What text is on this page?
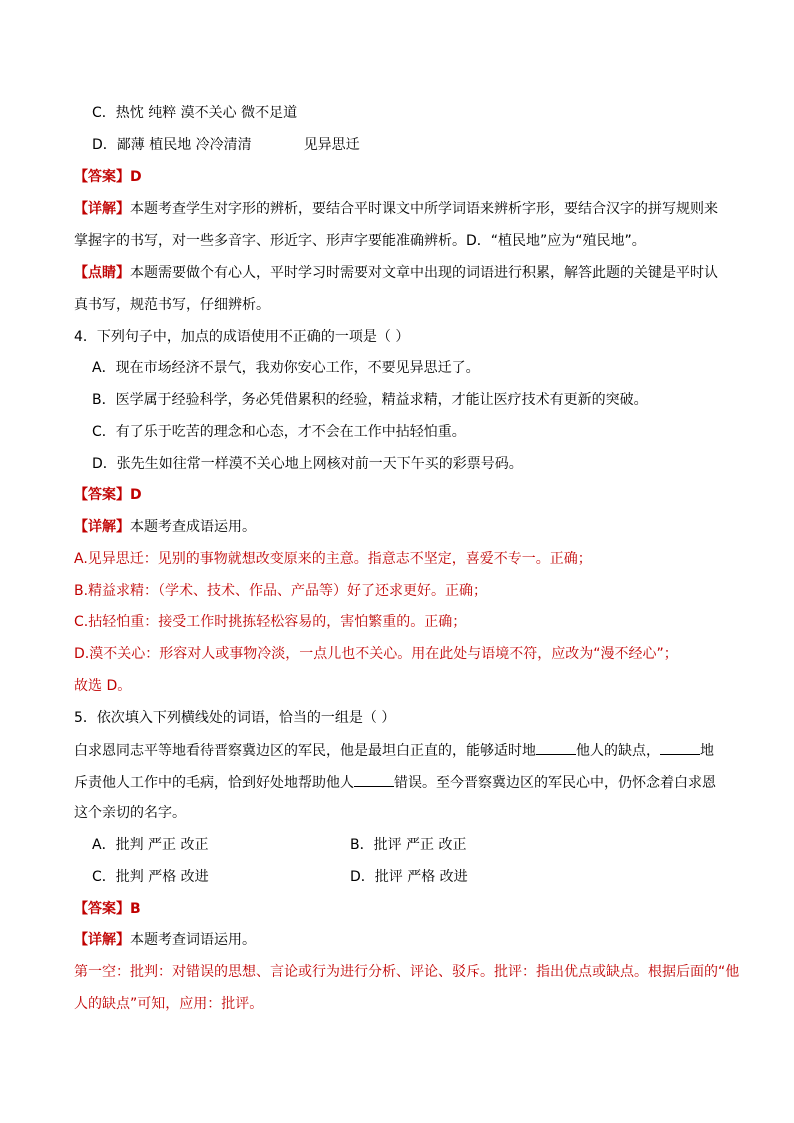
C．热忱 纯粹 漠不关心 微不足道
D．鄙薄 植民地 冷冷清清	见异思迁
【答案】D
【详解】本题考查学生对字形的辨析，要结合平时课文中所学词语来辨析字形，要结合汉字的拼写规则来
掌握字的书写，对一些多音字、形近字、形声字要能准确辨析。D．“植民地”应为“殖民地”。
【点睛】本题需要做个有心人，平时学习时需要对文章中出现的词语进行积累，解答此题的关键是平时认
真书写，规范书写，仔细辨析。
4．下列句子中，加点的成语使用不正确的一项是（ ）
A．现在市场经济不景气，我劝你安心工作，不要见异思迁了。
B．医学属于经验科学，务必凭借累积的经验，精益求精，才能让医疗技术有更新的突破。
C．有了乐于吃苦的理念和心态，才不会在工作中拈轻怕重。
D．张先生如往常一样漠不关心地上网核对前一天下午买的彩票号码。
【答案】D
【详解】本题考查成语运用。
A.见异思迁：见别的事物就想改变原来的主意。指意志不坚定，喜爱不专一。正确；
B.精益求精：（学术、技术、作品、产品等）好了还求更好。正确；
C.拈轻怕重：接受工作时挑拣轻松容易的，害怕繁重的。正确；
D.漠不关心：形容对人或事物冷淡，一点儿也不关心。用在此处与语境不符，应改为“漫不经心”；
故选 D。
5．依次填入下列横线处的词语，恰当的一组是（ ）
白求恩同志平等地看待晋察冀边区的军民，他是最坦白正直的，能够适时地	他人的缺点，	地
斥责他人工作中的毛病，恰到好处地帮助他人	错误。至今晋察冀边区的军民心中，仍怀念着白求恩
这个亲切的名字。
A．批判 严正 改正	B．批评 严正 改正
C．批判 严格 改进	D．批评 严格 改进
【答案】B
【详解】本题考查词语运用。
第一空：批判：对错误的思想、言论或行为进行分析、评论、驳斥。批评：指出优点或缺点。根据后面的“他
人的缺点”可知，应用：批评。
